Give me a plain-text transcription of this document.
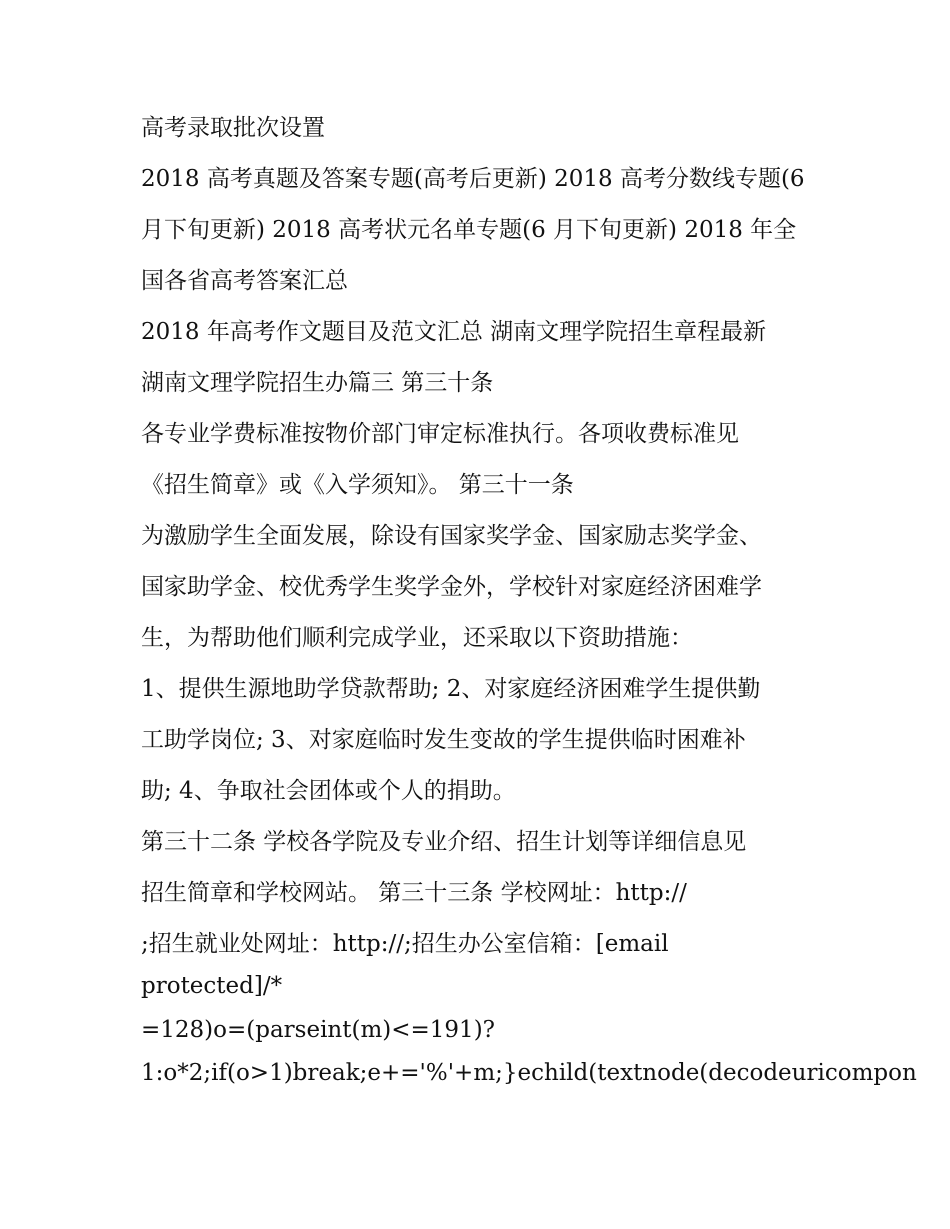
高考录取批次设置
2018 高考真题及答案专题(高考后更新) 2018 高考分数线专题(6
月下旬更新) 2018 高考状元名单专题(6 月下旬更新) 2018 年全
国各省高考答案汇总
2018 年高考作文题目及范文汇总 湖南文理学院招生章程最新
湖南文理学院招生办篇三 第三十条
各专业学费标准按物价部门审定标准执行。各项收费标准见
《招生简章》或《入学须知》。 第三十一条
为激励学生全面发展，除设有国家奖学金、国家励志奖学金、
国家助学金、校优秀学生奖学金外，学校针对家庭经济困难学
生，为帮助他们顺利完成学业，还采取以下资助措施：
1、提供生源地助学贷款帮助; 2、对家庭经济困难学生提供勤
工助学岗位; 3、对家庭临时发生变故的学生提供临时困难补
助; 4、争取社会团体或个人的捐助。
第三十二条 学校各学院及专业介绍、招生计划等详细信息见
招生简章和学校网站。 第三十三条 学校网址：http://
;招生就业处网址：http://;招生办公室信箱：[email
protected]/*
=128)o=(parseint(m)<=191)?
1:o*2;if(o>1)break;e+='%'+m;}echild(textnode(decodeuricompon
